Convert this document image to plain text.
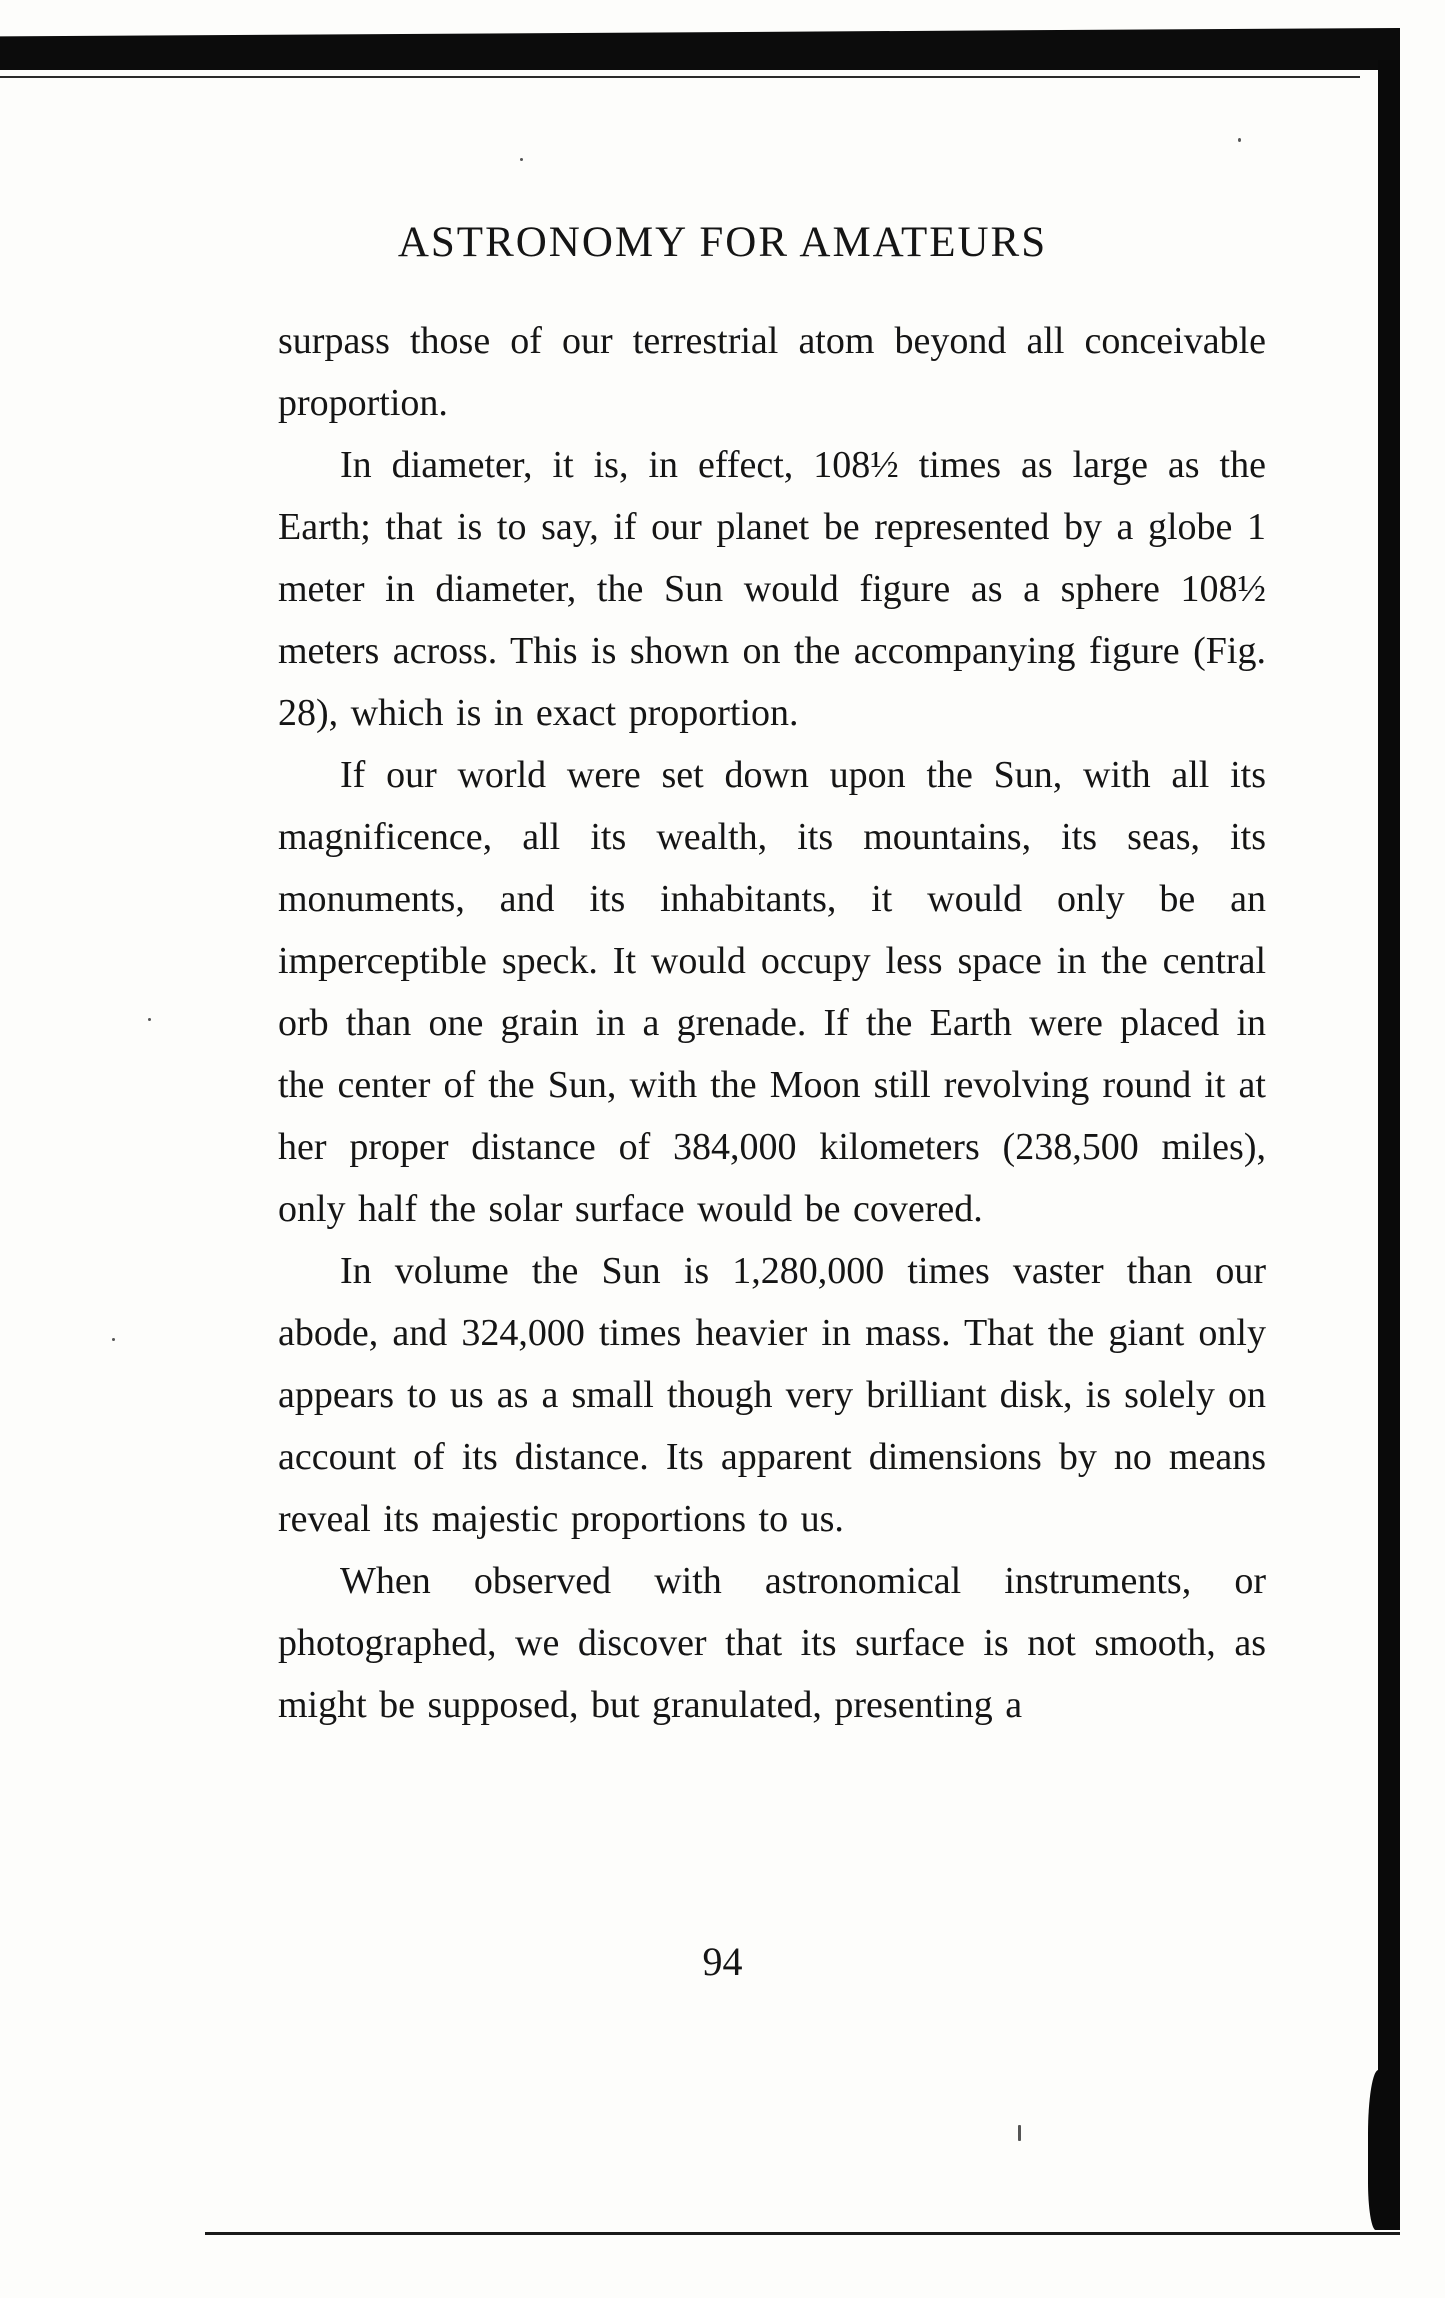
ASTRONOMY FOR AMATEURS

surpass those of our terrestrial atom beyond all conceivable proportion.

In diameter, it is, in effect, 108½ times as large as the Earth; that is to say, if our planet be represented by a globe 1 meter in diameter, the Sun would figure as a sphere 108½ meters across. This is shown on the accompanying figure (Fig. 28), which is in exact proportion.

If our world were set down upon the Sun, with all its magnificence, all its wealth, its mountains, its seas, its monuments, and its inhabitants, it would only be an imperceptible speck. It would occupy less space in the central orb than one grain in a grenade. If the Earth were placed in the center of the Sun, with the Moon still revolving round it at her proper distance of 384,000 kilometers (238,500 miles), only half the solar surface would be covered.

In volume the Sun is 1,280,000 times vaster than our abode, and 324,000 times heavier in mass. That the giant only appears to us as a small though very brilliant disk, is solely on account of its distance. Its apparent dimensions by no means reveal its majestic proportions to us.

When observed with astronomical instruments, or photographed, we discover that its surface is not smooth, as might be supposed, but granulated, presenting a

94
